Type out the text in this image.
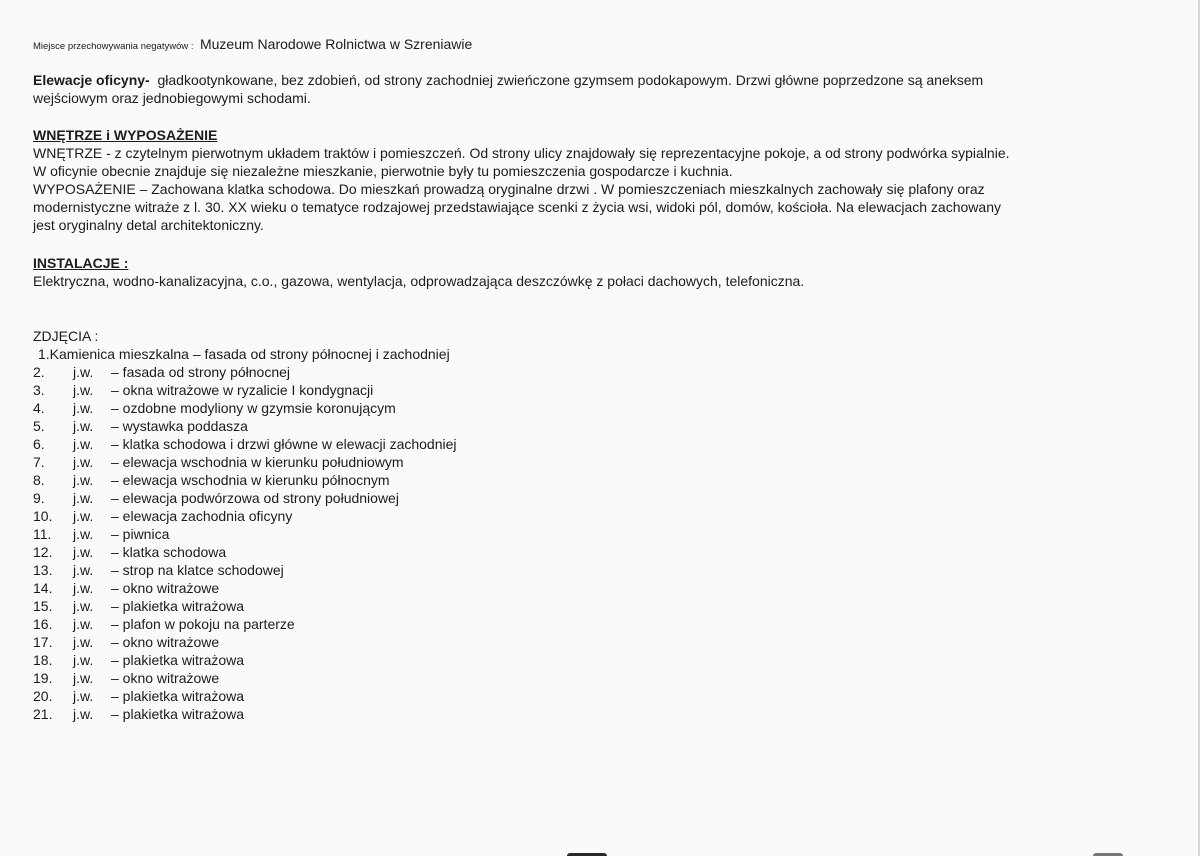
Miejsce przechowywania negatywów : Muzeum Narodowe Rolnictwa w Szreniawie
Elewacje oficyny- gładkootynkowane, bez zdobień, od strony zachodniej zwieńczone gzymsem podokapowym. Drzwi główne poprzedzone są aneksem
wejściowym oraz jednobiegowymi schodami.
WNĘTRZE i WYPOSAŻENIE
WNĘTRZE - z czytelnym pierwotnym układem traktów i pomieszczeń. Od strony ulicy znajdowały się reprezentacyjne pokoje, a od strony podwórka sypialnie.
W oficynie obecnie znajduje się niezależne mieszkanie, pierwotnie były tu pomieszczenia gospodarcze i kuchnia.
WYPOSAŻENIE – Zachowana klatka schodowa. Do mieszkań prowadzą oryginalne drzwi . W pomieszczeniach mieszkalnych zachowały się plafony oraz
modernistyczne witraże z l. 30. XX wieku o tematyce rodzajowej przedstawiające scenki z życia wsi, widoki pól, domów, kościoła. Na elewacjach zachowany
jest oryginalny detal architektoniczny.
INSTALACJE :
Elektryczna, wodno-kanalizacyjna, c.o., gazowa, wentylacja, odprowadzająca deszczówkę z połaci dachowych, telefoniczna.
ZDJĘCIA :
1.Kamienica mieszkalna – fasada od strony północnej i zachodniej
2. j.w. – fasada od strony północnej
3. j.w. – okna witrażowe w ryzalicie I kondygnacji
4. j.w. – ozdobne modyliony w gzymsie koronującym
5. j.w. – wystawka poddasza
6. j.w. – klatka schodowa i drzwi główne w elewacji zachodniej
7. j.w. – elewacja wschodnia w kierunku południowym
8. j.w. – elewacja wschodnia w kierunku północnym
9. j.w. – elewacja podwórzowa od strony południowej
10. j.w. – elewacja zachodnia oficyny
11. j.w. – piwnica
12. j.w. – klatka schodowa
13. j.w. – strop na klatce schodowej
14. j.w. – okno witrażowe
15. j.w. – plakietka witrażowa
16. j.w. – plafon w pokoju na parterze
17. j.w. – okno witrażowe
18. j.w. – plakietka witrażowa
19. j.w. – okno witrażowe
20. j.w. – plakietka witrażowa
21. j.w. – plakietka witrażowa
